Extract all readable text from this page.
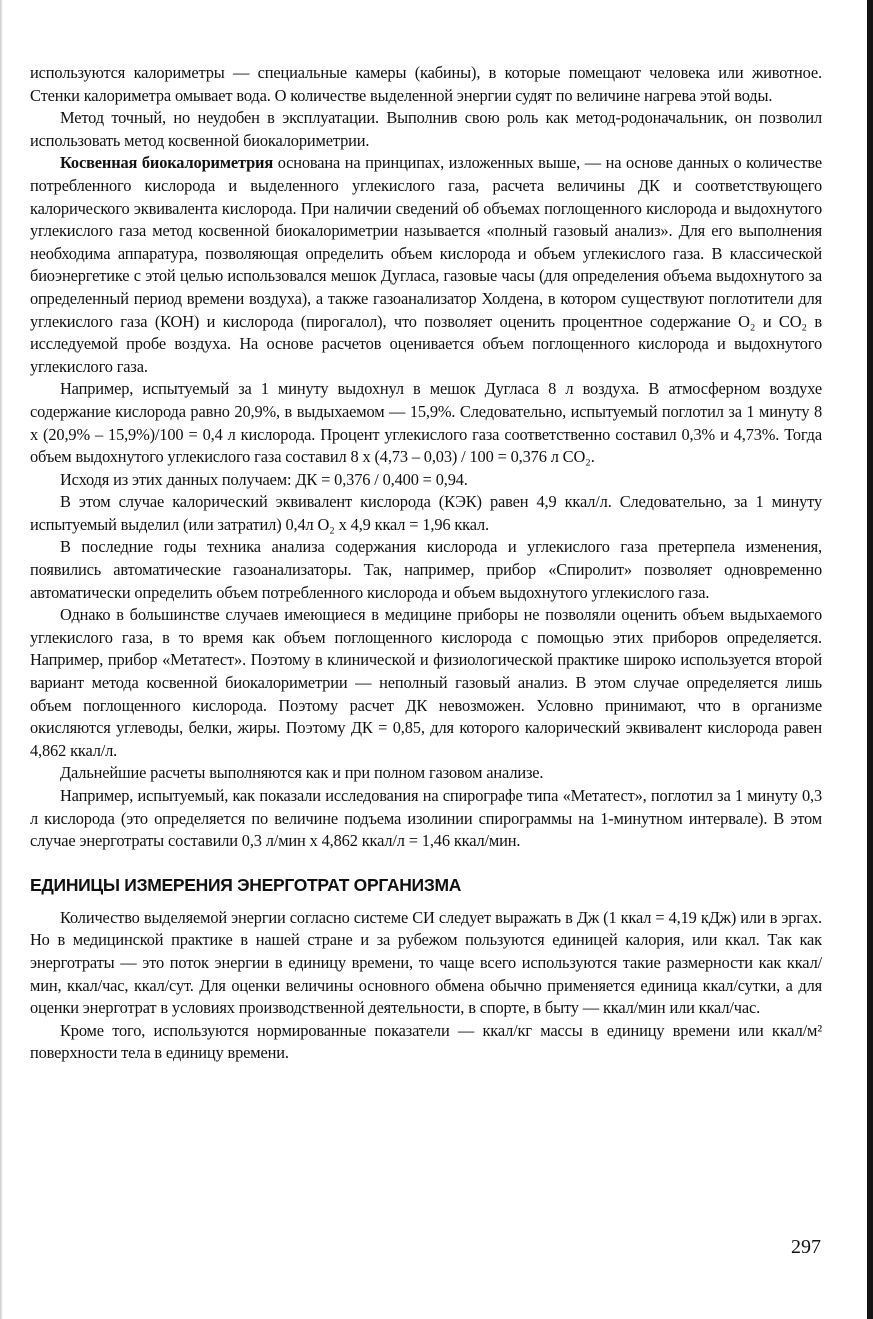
используются калориметры — специальные камеры (кабины), в которые помещают человека или животное. Стенки калориметра омывает вода. О количестве выделенной энергии судят по величине нагрева этой воды.

Метод точный, но неудобен в эксплуатации. Выполнив свою роль как метод-родоначальник, он позволил использовать метод косвенной биокалориметрии.

Косвенная биокалориметрия основана на принципах, изложенных выше, — на основе данных о количестве потребленного кислорода и выделенного углекислого газа, расчета величины ДК и соответствующего калорического эквивалента кислорода. При наличии сведений об объемах поглощенного кислорода и выдохнутого углекислого газа метод косвенной биокалориметрии называется «полный газовый анализ». Для его выполнения необходима аппаратура, позволяющая определить объем кислорода и объем углекислого газа. В классической биоэнергетике с этой целью использовался мешок Дугласа, газовые часы (для определения объема выдохнутого за определенный период времени воздуха), а также газоанализатор Холдена, в котором существуют поглотители для углекислого газа (КОН) и кислорода (пирогалол), что позволяет оценить процентное содержание O₂ и CO₂ в исследуемой пробе воздуха. На основе расчетов оценивается объем поглощенного кислорода и выдохнутого углекислого газа.

Например, испытуемый за 1 минуту выдохнул в мешок Дугласа 8 л воздуха. В атмосферном воздухе содержание кислорода равно 20,9%, в выдыхаемом — 15,9%. Следовательно, испытуемый поглотил за 1 минуту 8 x (20,9% – 15,9%)/100 = 0,4 л кислорода. Процент углекислого газа соответственно составил 0,3% и 4,73%. Тогда объем выдохнутого углекислого газа составил 8 x (4,73 – 0,03) / 100 = 0,376 л CO₂.

Исходя из этих данных получаем: ДК = 0,376 / 0,400 = 0,94.

В этом случае калорический эквивалент кислорода (КЭК) равен 4,9 ккал/л. Следовательно, за 1 минуту испытуемый выделил (или затратил) 0,4л O₂ x 4,9 ккал = 1,96 ккал.

В последние годы техника анализа содержания кислорода и углекислого газа претерпела изменения, появились автоматические газоанализаторы. Так, например, прибор «Спиролит» позволяет одновременно автоматически определить объем потребленного кислорода и объем выдохнутого углекислого газа.

Однако в большинстве случаев имеющиеся в медицине приборы не позволяли оценить объем выдыхаемого углекислого газа, в то время как объем поглощенного кислорода с помощью этих приборов определяется. Например, прибор «Метатест». Поэтому в клинической и физиологической практике широко используется второй вариант метода косвенной биокалориметрии — неполный газовый анализ. В этом случае определяется лишь объем поглощенного кислорода. Поэтому расчет ДК невозможен. Условно принимают, что в организме окисляются углеводы, белки, жиры. Поэтому ДК = 0,85, для которого калорический эквивалент кислорода равен 4,862 ккал/л.

Дальнейшие расчеты выполняются как и при полном газовом анализе.

Например, испытуемый, как показали исследования на спирографе типа «Метатест», поглотил за 1 минуту 0,3 л кислорода (это определяется по величине подъема изолинии спирограммы на 1-минутном интервале). В этом случае энерготраты составили 0,3 л/мин x 4,862 ккал/л = 1,46 ккал/мин.

ЕДИНИЦЫ ИЗМЕРЕНИЯ ЭНЕРГОТРАТ ОРГАНИЗМА

Количество выделяемой энергии согласно системе СИ следует выражать в Дж (1 ккал = 4,19 кДж) или в эргах. Но в медицинской практике в нашей стране и за рубежом пользуются единицей калория, или ккал. Так как энерготраты — это поток энергии в единицу времени, то чаще всего используются такие размерности как ккал/мин, ккал/час, ккал/сут. Для оценки величины основного обмена обычно применяется единица ккал/сутки, а для оценки энерготрат в условиях производственной деятельности, в спорте, в быту — ккал/мин или ккал/час.

Кроме того, используются нормированные показатели — ккал/кг массы в единицу времени или ккал/м² поверхности тела в единицу времени.

297
